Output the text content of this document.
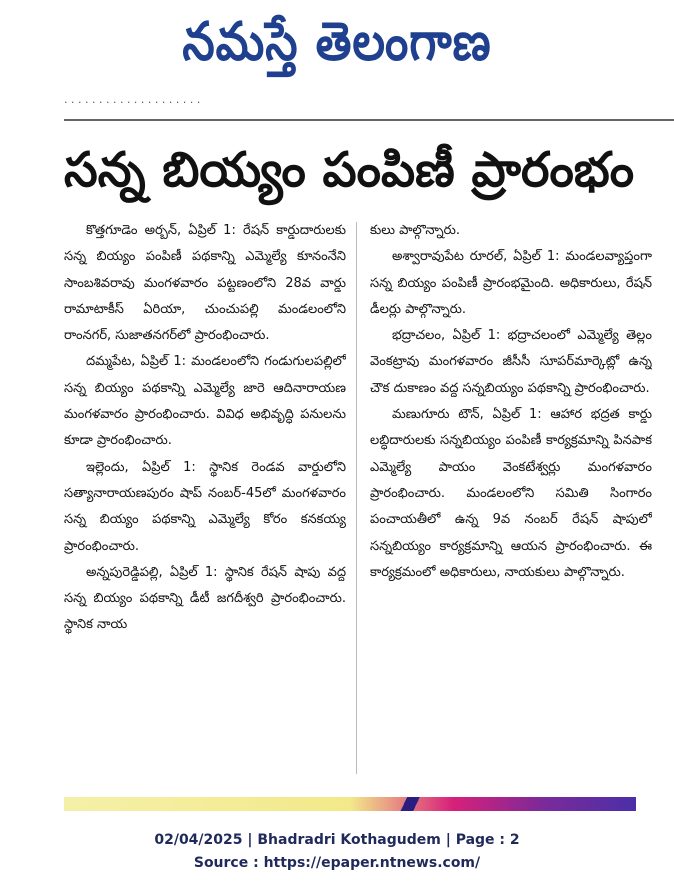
నమస్తే తెలంగాణ
· · · · · · · · · · · · · · · · · · · ·
సన్న బియ్యం పంపిణీ ప్రారంభం

కొత్తగూడెం అర్బన్, ఏప్రిల్ 1: రేషన్ కార్డుదారులకు సన్న బియ్యం పంపిణీ పథకాన్ని ఎమ్మెల్యే కూనంనేని సాంబశివరావు మంగళవారం పట్టణంలోని 28వ వార్డు రామాటాకీస్ ఏరియా, చుంచుపల్లి మండలంలోని రాంనగర్, సుజాతనగర్‌లో ప్రారంభించారు.

దమ్మపేట, ఏప్రిల్ 1: మండలంలోని గండుగులపల్లిలో సన్న బియ్యం పథకాన్ని ఎమ్మెల్యే జారె ఆదినారాయణ మంగళవారం ప్రారంభించారు. వివిధ అభివృద్ధి పనులను కూడా ప్రారంభించారు.

ఇల్లెందు, ఏప్రిల్ 1: స్థానిక రెండవ వార్డులోని సత్యానారాయణపురం షాప్ నంబర్-45లో మంగళవారం సన్న బియ్యం పథకాన్ని ఎమ్మెల్యే కోరం కనకయ్య ప్రారంభించారు.

అన్నపురెడ్డిపల్లి, ఏప్రిల్ 1: స్థానిక రేషన్ షాపు వద్ద సన్న బియ్యం పథకాన్ని డీటీ జగదీశ్వరి ప్రారంభించారు. స్థానిక నాయ

కులు పాల్గొన్నారు.

అశ్వారావుపేట రూరల్, ఏప్రిల్ 1: మండలవ్యాప్తంగా సన్న బియ్యం పంపిణీ ప్రారంభమైంది. అధికారులు, రేషన్ డీలర్లు పాల్గొన్నారు.

భద్రాచలం, ఏప్రిల్ 1: భద్రాచలంలో ఎమ్మెల్యే తెల్లం వెంకట్రావు మంగళవారం జీసీసీ సూపర్‌మార్కెట్లో ఉన్న చౌక దుకాణం వద్ద సన్నబియ్యం పథకాన్ని ప్రారంభించారు.

మణుగూరు టౌన్, ఏప్రిల్ 1: ఆహార భద్రత కార్డు లబ్ధిదారులకు సన్నబియ్యం పంపిణీ కార్యక్రమాన్ని పినపాక ఎమ్మెల్యే పాయం వెంకటేశ్వర్లు మంగళవారం ప్రారంభించారు. మండలంలోని సమితి సింగారం పంచాయతీలో ఉన్న 9వ నంబర్ రేషన్ షాపులో సన్నబియ్యం కార్యక్రమాన్ని ఆయన ప్రారంభించారు. ఈ కార్యక్రమంలో అధికారులు, నాయకులు పాల్గొన్నారు.

02/04/2025 | Bhadradri Kothagudem | Page : 2
Source : https://epaper.ntnews.com/
